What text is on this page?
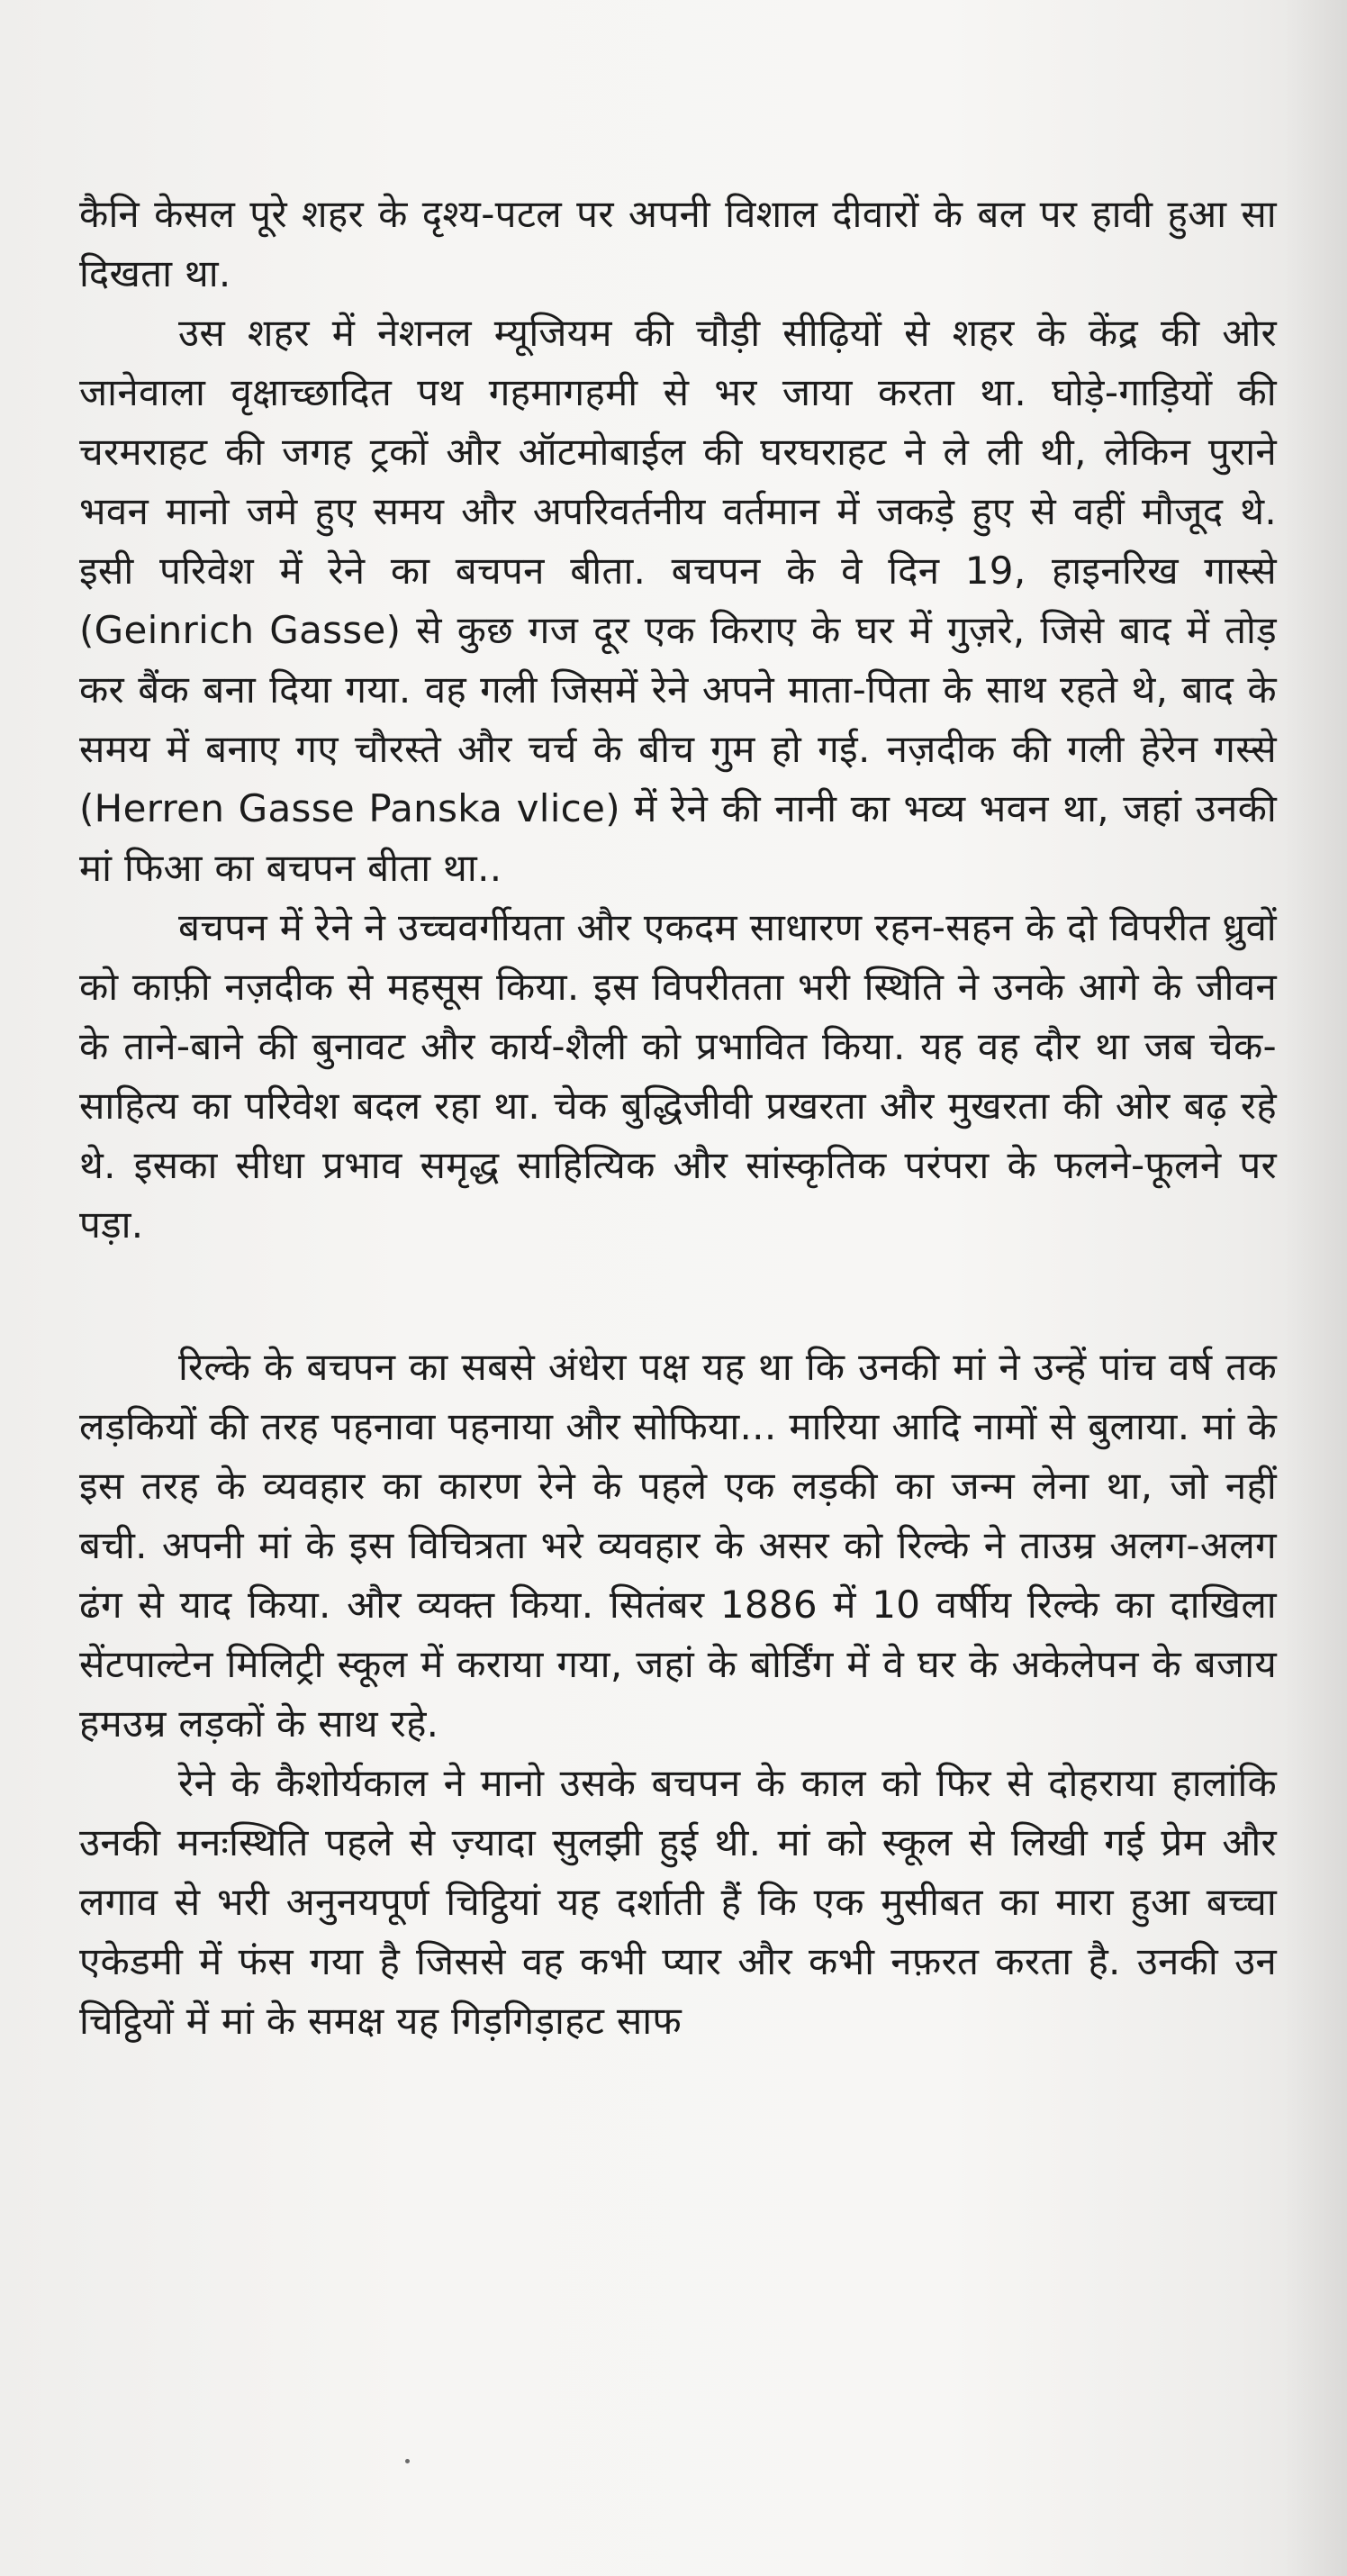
कैनि केसल पूरे शहर के दृश्य-पटल पर अपनी विशाल दीवारों के बल पर हावी हुआ सा दिखता था.

उस शहर में नेशनल म्यूजियम की चौड़ी सीढ़ियों से शहर के केंद्र की ओर जानेवाला वृक्षाच्छादित पथ गहमागहमी से भर जाया करता था. घोड़े-गाड़ियों की चरमराहट की जगह ट्रकों और ऑटमोबाईल की घरघराहट ने ले ली थी, लेकिन पुराने भवन मानो जमे हुए समय और अपरिवर्तनीय वर्तमान में जकड़े हुए से वहीं मौजूद थे. इसी परिवेश में रेने का बचपन बीता. बचपन के वे दिन 19, हाइनरिख गास्से (Geinrich Gasse) से कुछ गज दूर एक किराए के घर में गुज़रे, जिसे बाद में तोड़ कर बैंक बना दिया गया. वह गली जिसमें रेने अपने माता-पिता के साथ रहते थे, बाद के समय में बनाए गए चौरस्ते और चर्च के बीच गुम हो गई. नज़दीक की गली हेरेन गस्से (Herren Gasse Panska vlice) में रेने की नानी का भव्य भवन था, जहां उनकी मां फिआ का बचपन बीता था..

बचपन में रेने ने उच्चवर्गीयता और एकदम साधारण रहन-सहन के दो विपरीत ध्रुवों को काफ़ी नज़दीक से महसूस किया. इस विपरीतता भरी स्थिति ने उनके आगे के जीवन के ताने-बाने की बुनावट और कार्य-शैली को प्रभावित किया. यह वह दौर था जब चेक-साहित्य का परिवेश बदल रहा था. चेक बुद्धिजीवी प्रखरता और मुखरता की ओर बढ़ रहे थे. इसका सीधा प्रभाव समृद्ध साहित्यिक और सांस्कृतिक परंपरा के फलने-फूलने पर पड़ा.

रिल्के के बचपन का सबसे अंधेरा पक्ष यह था कि उनकी मां ने उन्हें पांच वर्ष तक लड़कियों की तरह पहनावा पहनाया और सोफिया... मारिया आदि नामों से बुलाया. मां के इस तरह के व्यवहार का कारण रेने के पहले एक लड़की का जन्म लेना था, जो नहीं बची. अपनी मां के इस विचित्रता भरे व्यवहार के असर को रिल्के ने ताउम्र अलग-अलग ढंग से याद किया. और व्यक्त किया. सितंबर 1886 में 10 वर्षीय रिल्के का दाखिला सेंटपाल्टेन मिलिट्री स्कूल में कराया गया, जहां के बोर्डिंग में वे घर के अकेलेपन के बजाय हमउम्र लड़कों के साथ रहे.

रेने के कैशोर्यकाल ने मानो उसके बचपन के काल को फिर से दोहराया हालांकि उनकी मनःस्थिति पहले से ज़्यादा सुलझी हुई थी. मां को स्कूल से लिखी गई प्रेम और लगाव से भरी अनुनयपूर्ण चिट्ठियां यह दर्शाती हैं कि एक मुसीबत का मारा हुआ बच्चा एकेडमी में फंस गया है जिससे वह कभी प्यार और कभी नफ़रत करता है. उनकी उन चिट्ठियों में मां के समक्ष यह गिड़गिड़ाहट साफ
